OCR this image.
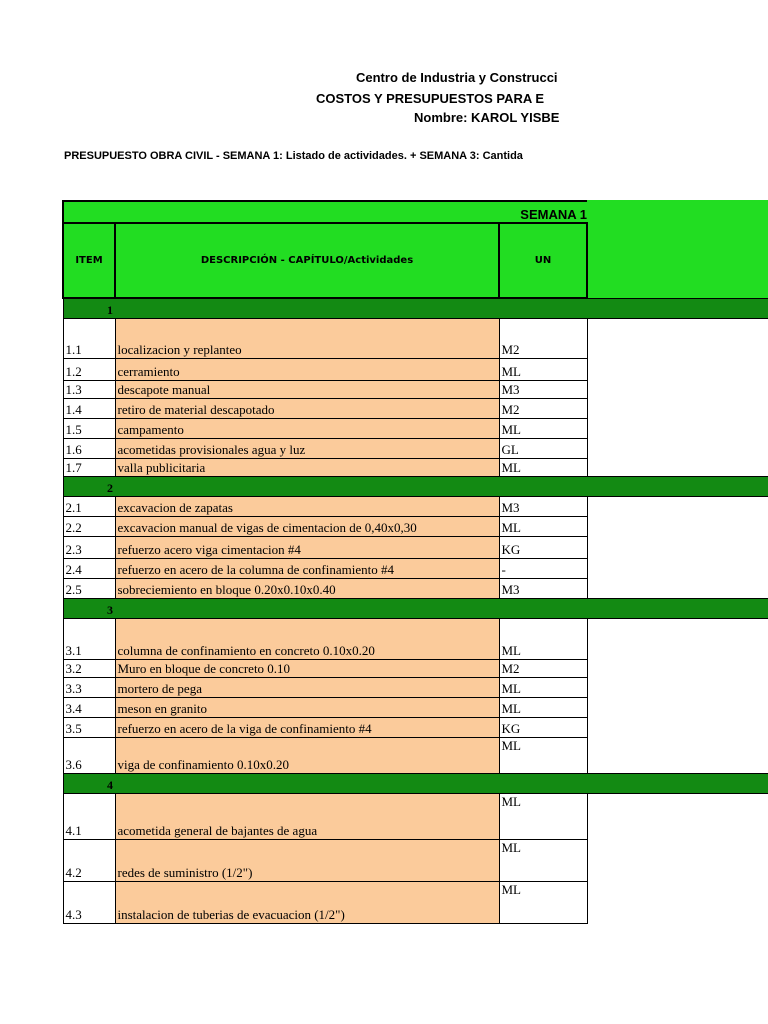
Centro de Industria y Construcci
COSTOS Y PRESUPUESTOS PARA E
Nombre: KAROL YISBE
PRESUPUESTO OBRA CIVIL - SEMANA 1: Listado de actividades. + SEMANA 3: Cantida
SEMANA 1			
ITEM	DESCRIPCIÓN - CAPÍTULO/Actividades	UN	
1			
1.1	localizacion y replanteo	M2	
1.2	cerramiento	ML	
1.3	descapote manual	M3	
1.4	retiro de material descapotado	M2	
1.5	campamento	ML	
1.6	acometidas provisionales agua y luz	GL	
1.7	valla publicitaria	ML	
2			
2.1	excavacion de zapatas	M3	
2.2	excavacion manual de vigas de cimentacion de 0,40x0,30	ML	
2.3	refuerzo acero viga cimentacion #4	KG	
2.4	refuerzo en acero de la columna de confinamiento #4	-	
2.5	sobreciemiento en bloque 0.20x0.10x0.40	M3	
3			
3.1	columna de confinamiento en concreto 0.10x0.20	ML	
3.2	Muro en bloque de concreto 0.10	M2	
3.3	mortero de pega	ML	
3.4	meson en granito	ML	
3.5	refuerzo en acero de la viga de confinamiento #4	KG	
3.6	viga de confinamiento 0.10x0.20	ML	
4			
4.1	acometida general de bajantes de agua	ML	
4.2	redes de suministro (1/2")	ML	
4.3	instalacion de tuberias de evacuacion (1/2")	ML	
